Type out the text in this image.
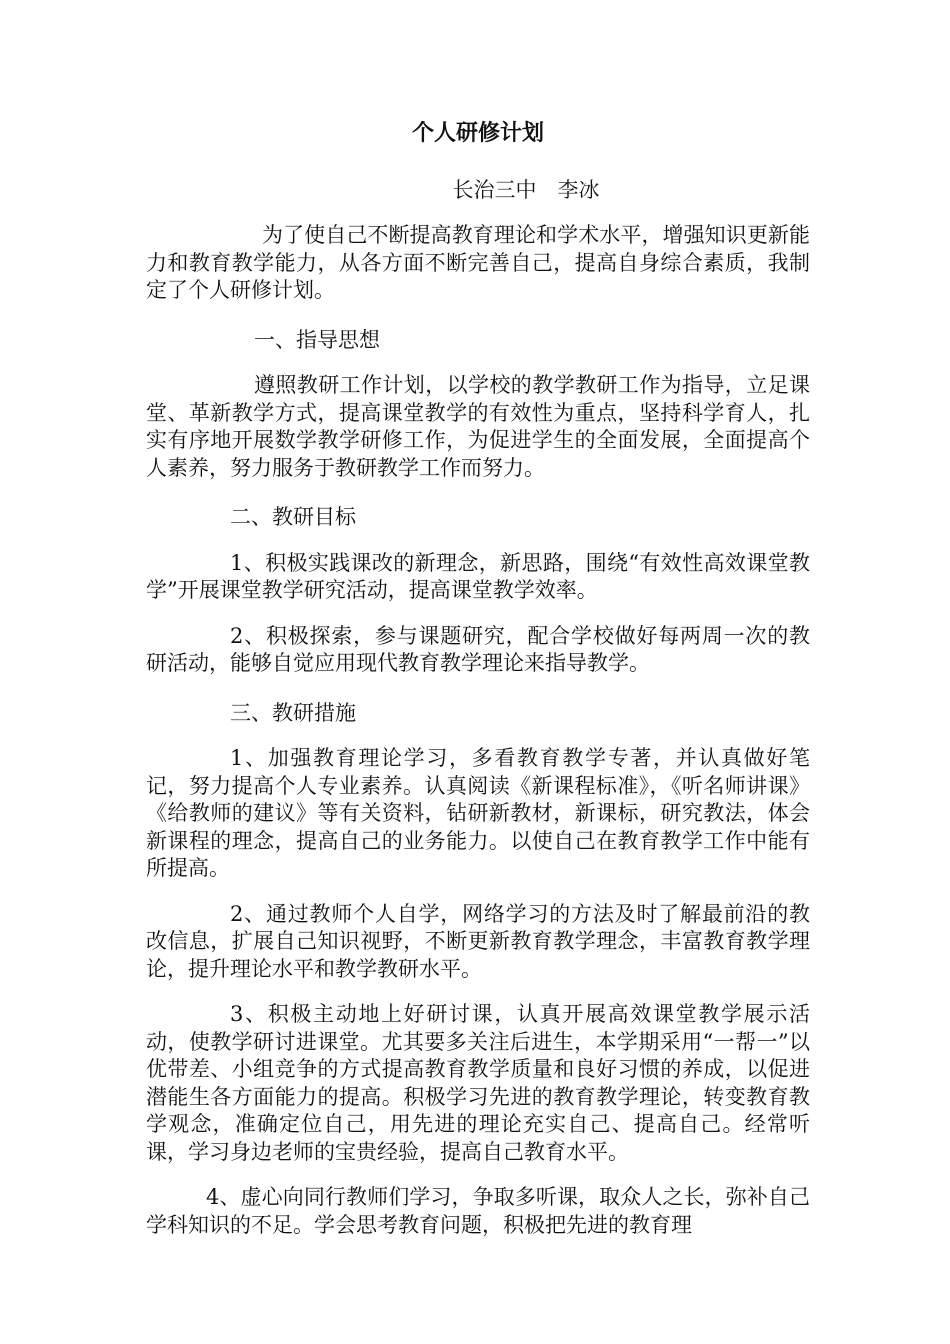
个人研修计划
长治三中　李冰

为了使自己不断提高教育理论和学术水平，增强知识更新能力和教育教学能力，从各方面不断完善自己，提高自身综合素质，我制定了个人研修计划。

一、指导思想

遵照教研工作计划，以学校的教学教研工作为指导，立足课堂、革新教学方式，提高课堂教学的有效性为重点，坚持科学育人，扎实有序地开展数学教学研修工作，为促进学生的全面发展，全面提高个人素养，努力服务于教研教学工作而努力。

二、教研目标

1、积极实践课改的新理念，新思路，围绕“有效性高效课堂教学”开展课堂教学研究活动，提高课堂教学效率。

2、积极探索，参与课题研究，配合学校做好每两周一次的教研活动，能够自觉应用现代教育教学理论来指导教学。

三、教研措施

1、加强教育理论学习，多看教育教学专著，并认真做好笔记，努力提高个人专业素养。认真阅读《新课程标准》，《听名师讲课》《给教师的建议》等有关资料，钻研新教材，新课标，研究教法，体会新课程的理念，提高自己的业务能力。以使自己在教育教学工作中能有所提高。

2、通过教师个人自学，网络学习的方法及时了解最前沿的教改信息，扩展自己知识视野，不断更新教育教学理念，丰富教育教学理论，提升理论水平和教学教研水平。

3、积极主动地上好研讨课，认真开展高效课堂教学展示活动，使教学研讨进课堂。尤其要多关注后进生，本学期采用“一帮一”以优带差、小组竞争的方式提高教育教学质量和良好习惯的养成，以促进潜能生各方面能力的提高。积极学习先进的教育教学理论，转变教育教学观念，准确定位自己，用先进的理论充实自己、提高自己。经常听课，学习身边老师的宝贵经验，提高自己教育水平。

4、虚心向同行教师们学习，争取多听课，取众人之长，弥补自己学科知识的不足。学会思考教育问题，积极把先进的教育理
